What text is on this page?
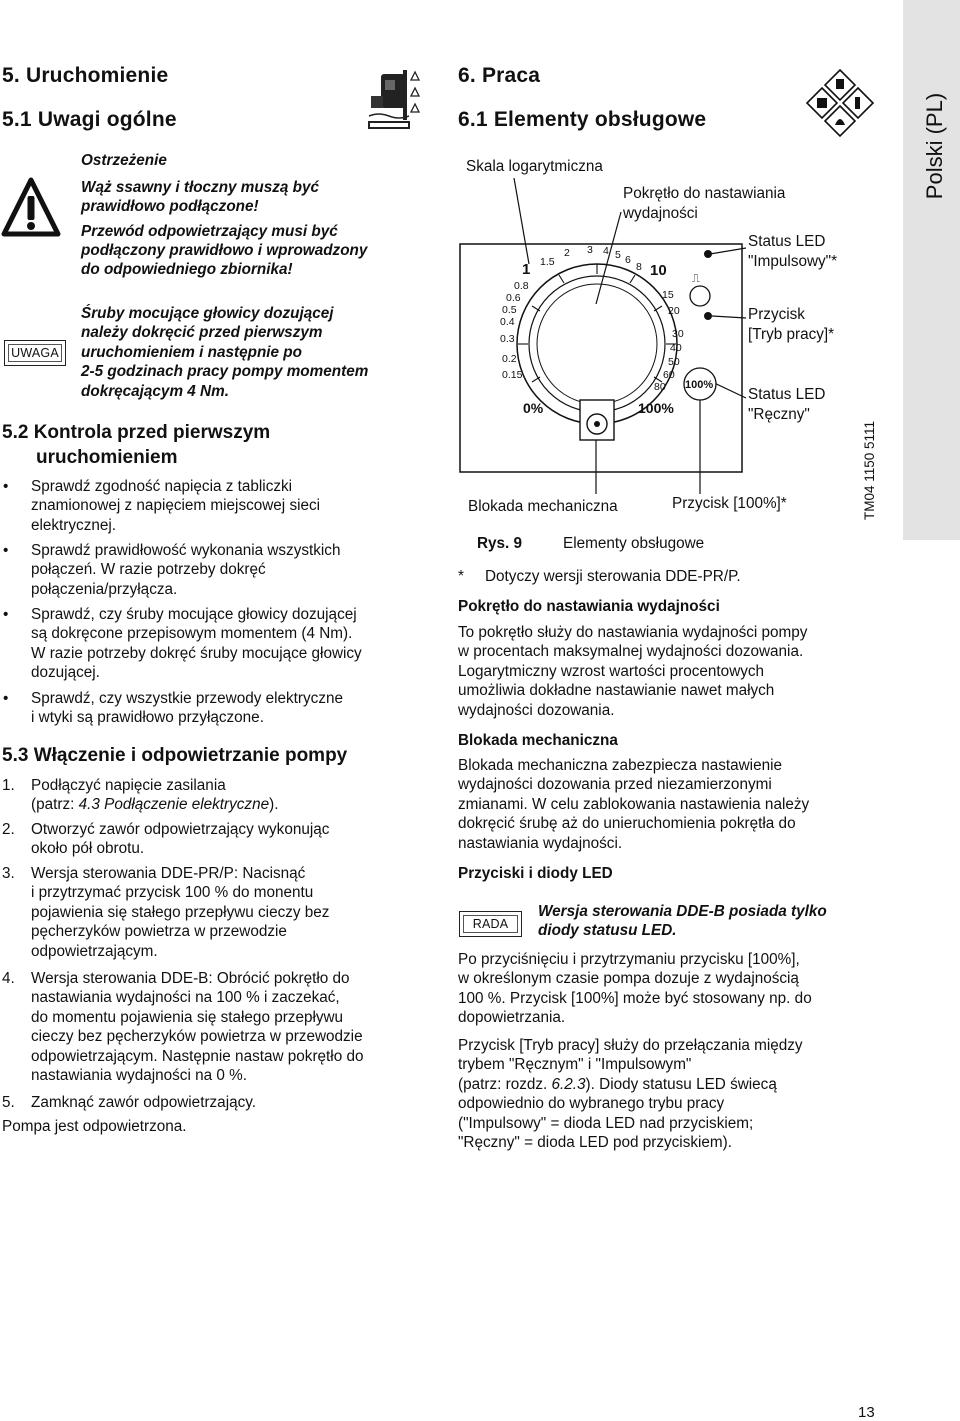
Polski (PL)
5. Uruchomienie
5.1 Uwagi ogólne
Ostrzeżenie
Wąż ssawny i tłoczny muszą być
prawidłowo podłączone!
Przewód odpowietrzający musi być
podłączony prawidłowo i wprowadzony
do odpowiedniego zbiornika!
UWAGA
Śruby mocujące głowicy dozującej
należy dokręcić przed pierwszym
uruchomieniem i następnie po
2-5 godzinach pracy pompy momentem
dokręcającym 4 Nm.
5.2 Kontrola przed pierwszym
uruchomieniem
• Sprawdź zgodność napięcia z tabliczki
znamionowej z napięciem miejscowej sieci
elektrycznej.
• Sprawdź prawidłowość wykonania wszystkich
połączeń. W razie potrzeby dokręć
połączenia/przyłącza.
• Sprawdź, czy śruby mocujące głowicy dozującej
są dokręcone przepisowym momentem (4 Nm).
W razie potrzeby dokręć śruby mocujące głowicy
dozującej.
• Sprawdź, czy wszystkie przewody elektryczne
i wtyki są prawidłowo przyłączone.
5.3 Włączenie i odpowietrzanie pompy
1. Podłączyć napięcie zasilania
(patrz: 4.3 Podłączenie elektryczne).
2. Otworzyć zawór odpowietrzający wykonując
około pół obrotu.
3. Wersja sterowania DDE-PR/P: Nacisnąć
i przytrzymać przycisk 100 % do monentu
pojawienia się stałego przepływu cieczy bez
pęcherzyków powietrza w przewodzie
odpowietrzającym.
4. Wersja sterowania DDE-B: Obrócić pokrętło do
nastawiania wydajności na 100 % i zaczekać,
do momentu pojawienia się stałego przepływu
cieczy bez pęcherzyków powietrza w przewodzie
odpowietrzającym. Następnie nastaw pokrętło do
nastawiania wydajności na 0 %.
5. Zamknąć zawór odpowietrzający.
Pompa jest odpowietrzona.
6. Praca
6.1 Elementy obsługowe
Skala logarytmiczna
Pokrętło do nastawiania
wydajności
Status LED
"Impulsowy"*
Przycisk
[Tryb pracy]*
Status LED
"Ręczny"
Blokada mechaniczna	Przycisk [100%]*	TM04 1150 5111
1
0.8
0.6
0.5
0.4
0.3
0.2
0.15
1.5
2 3 4 5 6
8 10
15
20
30
40
50
60
80
0%	100%
⎍
100%
Rys. 9	Elementy obsługowe
* Dotyczy wersji sterowania DDE-PR/P.
Pokrętło do nastawiania wydajności
To pokrętło służy do nastawiania wydajności pompy
w procentach maksymalnej wydajności dozowania.
Logarytmiczny wzrost wartości procentowych
umożliwia dokładne nastawianie nawet małych
wydajności dozowania.
Blokada mechaniczna
Blokada mechaniczna zabezpiecza nastawienie
wydajności dozowania przed niezamierzonymi
zmianami. W celu zablokowania nastawienia należy
dokręcić śrubę aż do unieruchomienia pokrętła do
nastawiania wydajności.
Przyciski i diody LED
RADA
Wersja sterowania DDE-B posiada tylko
diody statusu LED.
Po przyciśnięciu i przytrzymaniu przycisku [100%],
w określonym czasie pompa dozuje z wydajnością
100 %. Przycisk [100%] może być stosowany np. do
dopowietrzania.
Przycisk [Tryb pracy] służy do przełączania między
trybem "Ręcznym" i "Impulsowym"
(patrz: rozdz. 6.2.3). Diody statusu LED świecą
odpowiednio do wybranego trybu pracy
("Impulsowy" = dioda LED nad przyciskiem;
"Ręczny" = dioda LED pod przyciskiem).
13
